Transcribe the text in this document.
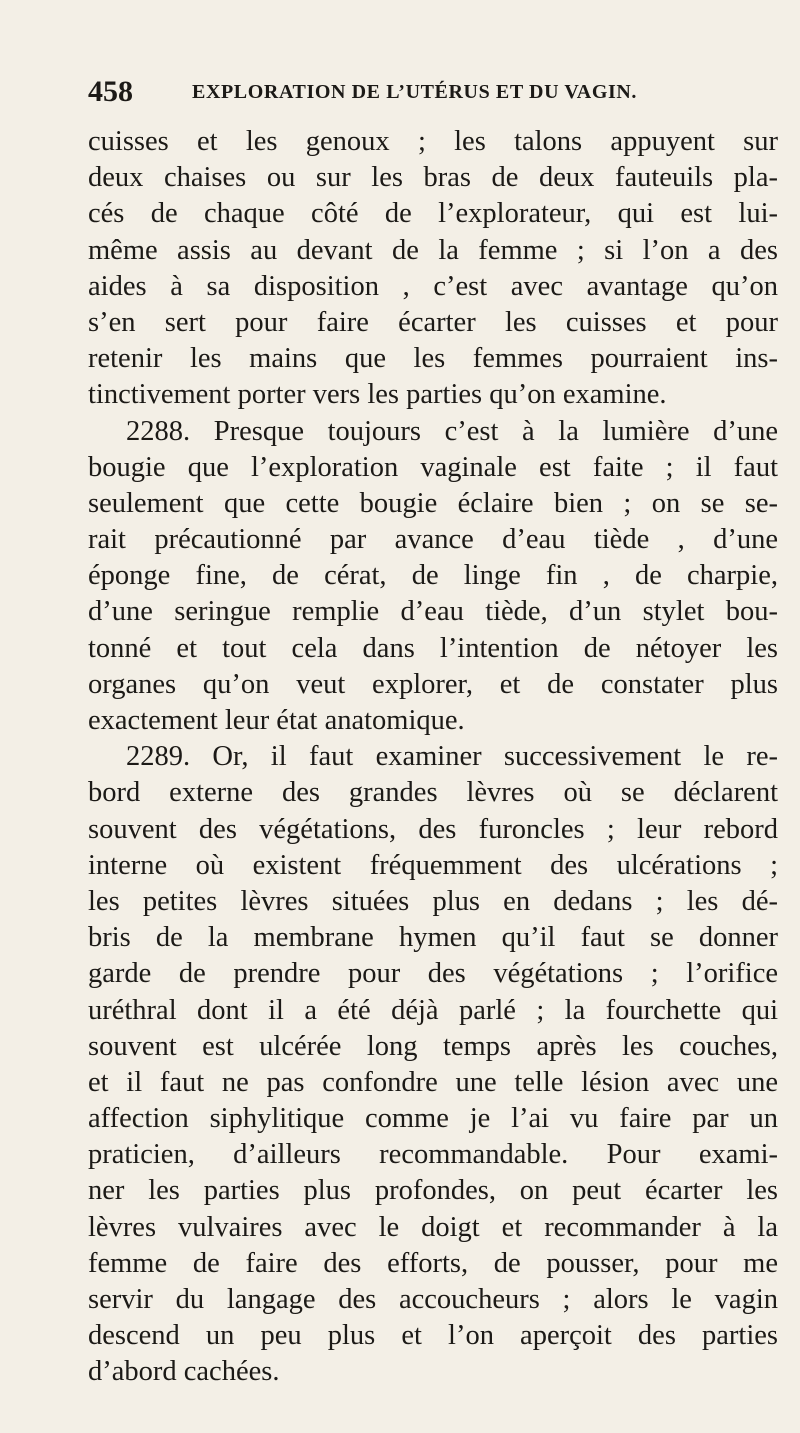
458	EXPLORATION DE L’UTÉRUS ET DU VAGIN.
cuisses et les genoux ; les talons appuyent sur
deux chaises ou sur les bras de deux fauteuils pla-
cés de chaque côté de l’explorateur, qui est lui-
même assis au devant de la femme ; si l’on a des
aides à sa disposition , c’est avec avantage qu’on
s’en sert pour faire écarter les cuisses et pour
retenir les mains que les femmes pourraient ins-
tinctivement porter vers les parties qu’on examine.
2288. Presque toujours c’est à la lumière d’une
bougie que l’exploration vaginale est faite ; il faut
seulement que cette bougie éclaire bien ; on se se-
rait précautionné par avance d’eau tiède , d’une
éponge fine, de cérat, de linge fin , de charpie,
d’une seringue remplie d’eau tiède, d’un stylet bou-
tonné et tout cela dans l’intention de nétoyer les
organes qu’on veut explorer, et de constater plus
exactement leur état anatomique.
2289. Or, il faut examiner successivement le re-
bord externe des grandes lèvres où se déclarent
souvent des végétations, des furoncles ; leur rebord
interne où existent fréquemment des ulcérations ;
les petites lèvres situées plus en dedans ; les dé-
bris de la membrane hymen qu’il faut se donner
garde de prendre pour des végétations ; l’orifice
uréthral dont il a été déjà parlé ; la fourchette qui
souvent est ulcérée long temps après les couches,
et il faut ne pas confondre une telle lésion avec une
affection siphylitique comme je l’ai vu faire par un
praticien, d’ailleurs recommandable. Pour exami-
ner les parties plus profondes, on peut écarter les
lèvres vulvaires avec le doigt et recommander à la
femme de faire des efforts, de pousser, pour me
servir du langage des accoucheurs ; alors le vagin
descend un peu plus et l’on aperçoit des parties
d’abord cachées.
